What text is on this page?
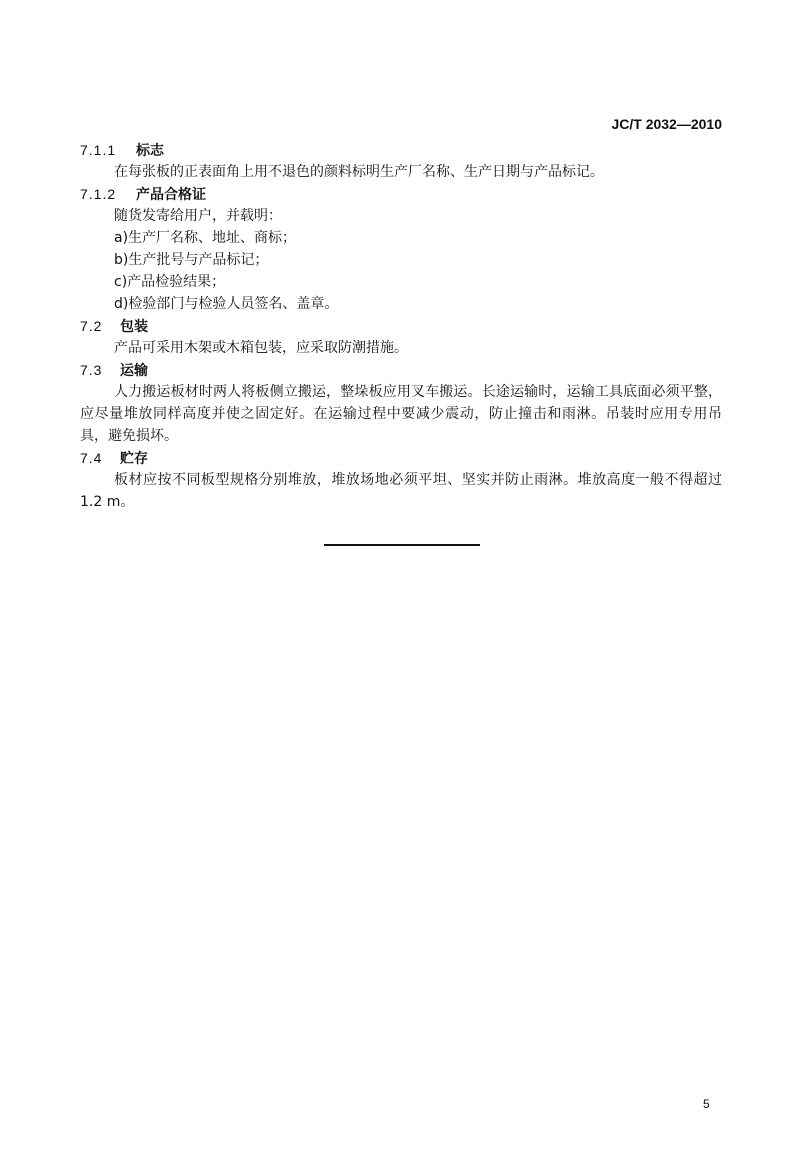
JC/T 2032—2010
7.1.1 标志
在每张板的正表面角上用不退色的颜料标明生产厂名称、生产日期与产品标记。
7.1.2 产品合格证
随货发寄给用户，并载明：
a)生产厂名称、地址、商标；
b)生产批号与产品标记；
c)产品检验结果；
d)检验部门与检验人员签名、盖章。
7.2 包装
产品可采用木架或木箱包装，应采取防潮措施。
7.3 运输
人力搬运板材时两人将板侧立搬运，整垛板应用叉车搬运。长途运输时，运输工具底面必须平整，
应尽量堆放同样高度并使之固定好。在运输过程中要减少震动，防止撞击和雨淋。吊装时应用专用吊
具，避免损坏。
7.4 贮存
板材应按不同板型规格分别堆放，堆放场地必须平坦、坚实并防止雨淋。堆放高度一般不得超过
1.2 m。
5
